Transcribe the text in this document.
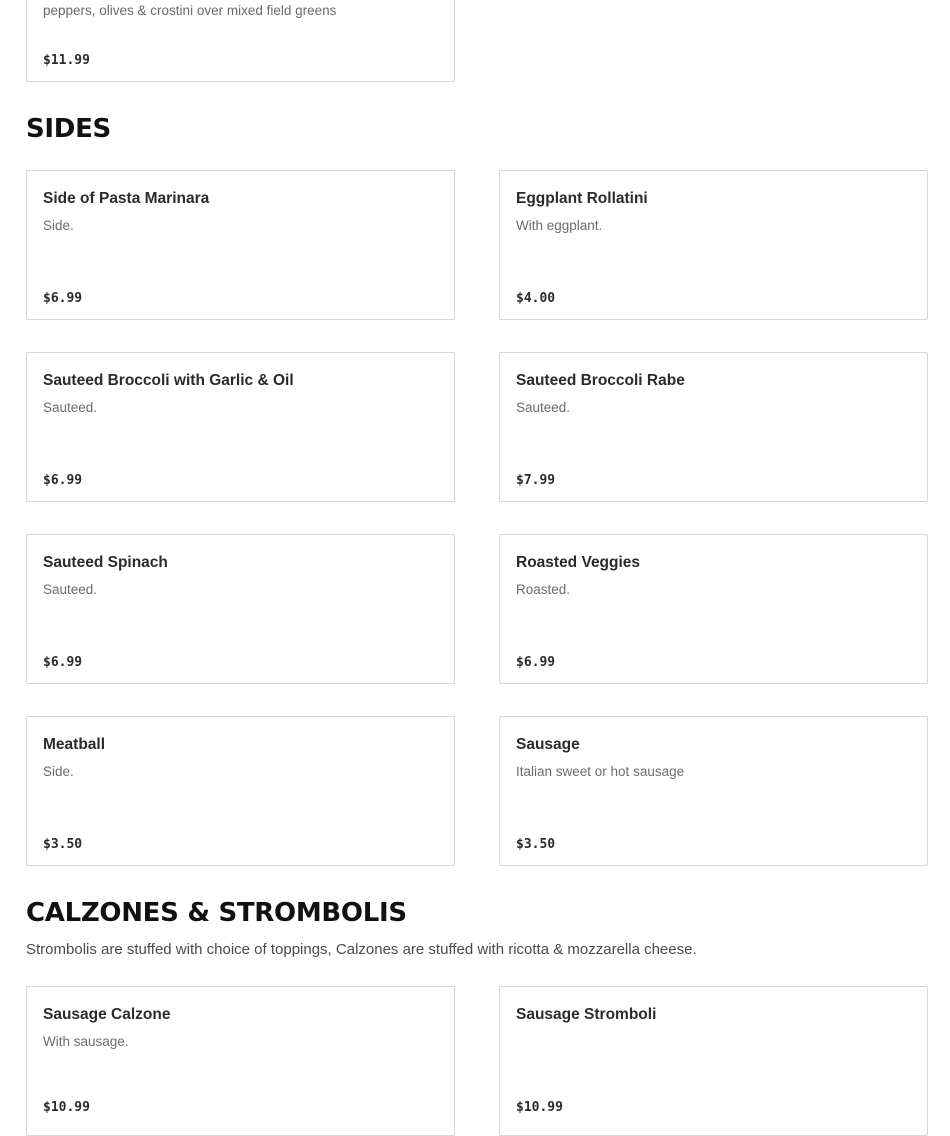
peppers, olives & crostini over mixed field greens
$11.99
SIDES
Side of Pasta Marinara
Side.
$6.99
Eggplant Rollatini
With eggplant.
$4.00
Sauteed Broccoli with Garlic & Oil
Sauteed.
$6.99
Sauteed Broccoli Rabe
Sauteed.
$7.99
Sauteed Spinach
Sauteed.
$6.99
Roasted Veggies
Roasted.
$6.99
Meatball
Side.
$3.50
Sausage
Italian sweet or hot sausage
$3.50
CALZONES & STROMBOLIS

Strombolis are stuffed with choice of toppings, Calzones are stuffed with ricotta & mozzarella cheese.

Sausage Calzone
With sausage.
$10.99
Sausage Stromboli
$10.99
